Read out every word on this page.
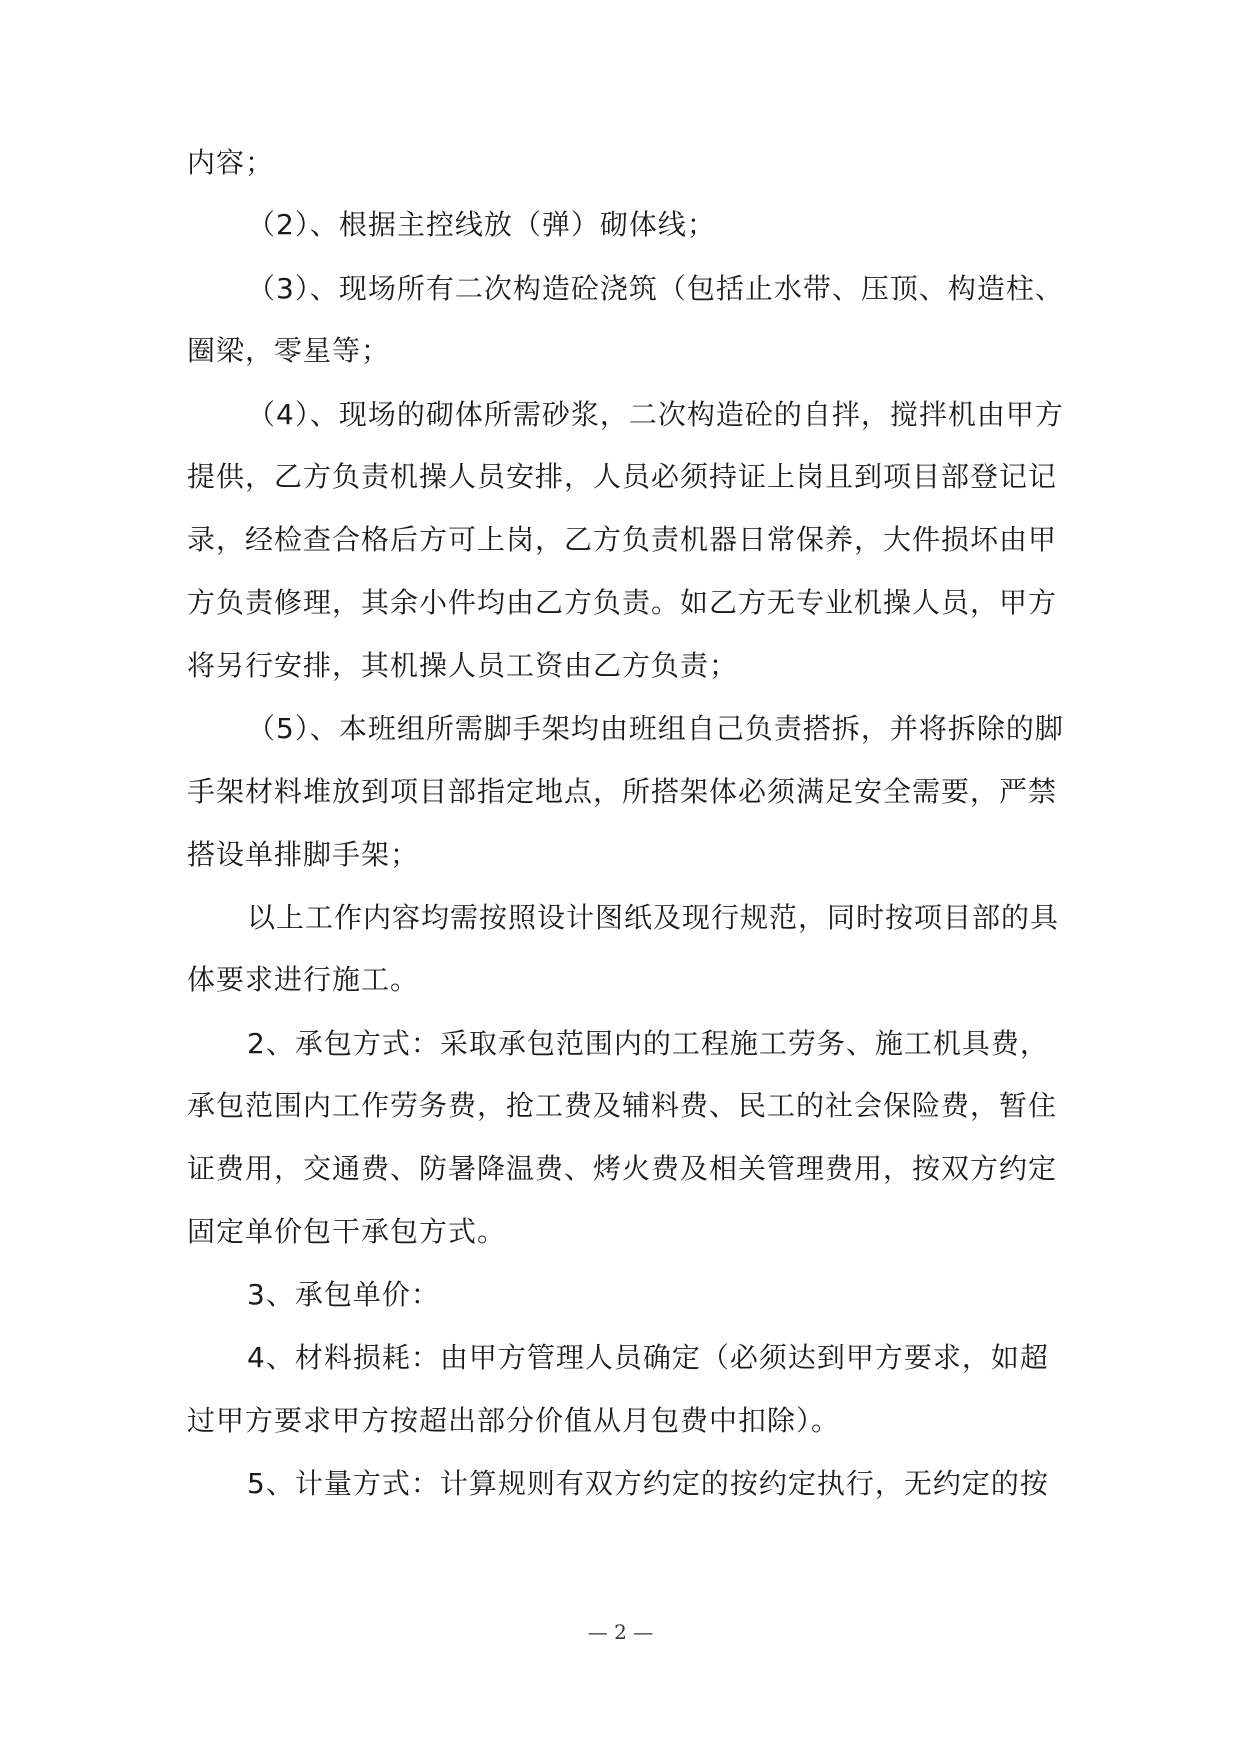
内容；
（2）、根据主控线放（弹）砌体线；
（3）、现场所有二次构造砼浇筑（包括止水带、压顶、构造柱、
圈梁，零星等；
（4）、现场的砌体所需砂浆，二次构造砼的自拌，搅拌机由甲方
提供，乙方负责机操人员安排，人员必须持证上岗且到项目部登记记
录，经检查合格后方可上岗，乙方负责机器日常保养，大件损坏由甲
方负责修理，其余小件均由乙方负责。如乙方无专业机操人员，甲方
将另行安排，其机操人员工资由乙方负责；
（5）、本班组所需脚手架均由班组自己负责搭拆，并将拆除的脚
手架材料堆放到项目部指定地点，所搭架体必须满足安全需要，严禁
搭设单排脚手架；
以上工作内容均需按照设计图纸及现行规范，同时按项目部的具
体要求进行施工。
2、承包方式：采取承包范围内的工程施工劳务、施工机具费，
承包范围内工作劳务费，抢工费及辅料费、民工的社会保险费，暂住
证费用，交通费、防暑降温费、烤火费及相关管理费用，按双方约定
固定单价包干承包方式。
3、承包单价：
4、材料损耗：由甲方管理人员确定（必须达到甲方要求，如超
过甲方要求甲方按超出部分价值从月包费中扣除）。
5、计量方式：计算规则有双方约定的按约定执行，无约定的按
— 2 —
